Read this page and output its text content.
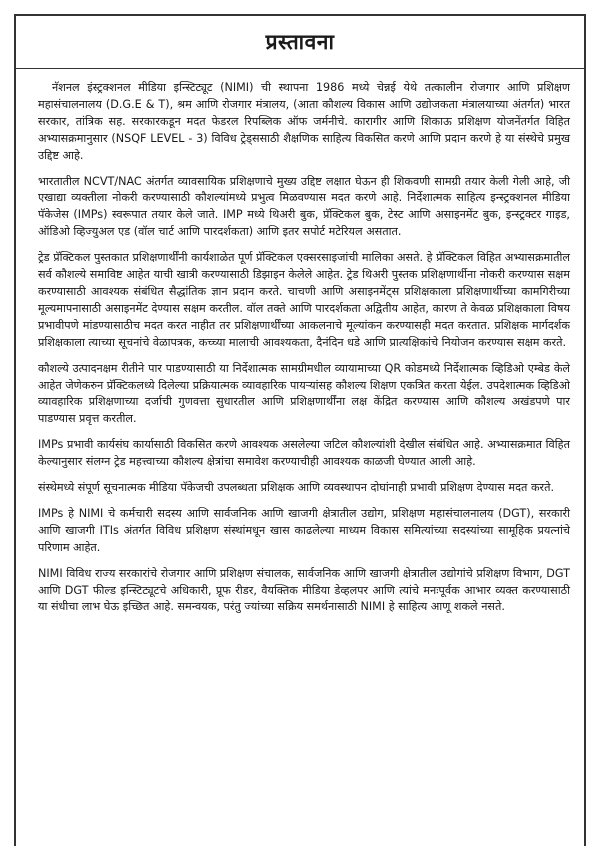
प्रस्तावना

नॅशनल इंस्ट्रक्शनल मीडिया इन्स्टिट्यूट (NIMI) ची स्थापना 1986 मध्ये चेन्नई येथे तत्कालीन रोजगार आणि प्रशिक्षण महासंचालनालय (D.G.E & T), श्रम आणि रोजगार मंत्रालय, (आता कौशल्य विकास आणि उद्योजकता मंत्रालयाच्या अंतर्गत) भारत सरकार, तांत्रिक सह. सरकारकडून मदत फेडरल रिपब्लिक ऑफ जर्मनीचे. कारागीर आणि शिकाऊ प्रशिक्षण योजनेंतर्गत विहित अभ्यासक्रमानुसार (NSQF LEVEL - 3) विविध ट्रेड्ससाठी शैक्षणिक साहित्य विकसित करणे आणि प्रदान करणे हे या संस्थेचे प्रमुख उद्दिष्ट आहे.

भारतातील NCVT/NAC अंतर्गत व्यावसायिक प्रशिक्षणाचे मुख्य उद्दिष्ट लक्षात घेऊन ही शिकवणी सामग्री तयार केली गेली आहे, जी एखाद्या व्यक्तीला नोकरी करण्यासाठी कौशल्यांमध्ये प्रभुत्व मिळवण्यास मदत करणे आहे. निर्देशात्मक साहित्य इन्स्ट्रक्शनल मीडिया पॅकेजेस (IMPs) स्वरूपात तयार केले जाते. IMP मध्ये थिअरी बुक, प्रॅक्टिकल बुक, टेस्ट आणि असाइनमेंट बुक, इन्स्ट्रक्टर गाइड, ऑडिओ व्हिज्युअल एड (वॉल चार्ट आणि पारदर्शकता) आणि इतर सपोर्ट मटेरियल असतात.

ट्रेड प्रॅक्टिकल पुस्तकात प्रशिक्षणार्थींनी कार्यशाळेत पूर्ण प्रॅक्टिकल एक्सरसाइजांची मालिका असते. हे प्रॅक्टिकल विहित अभ्यासक्रमातील सर्व कौशल्ये समाविष्ट आहेत याची खात्री करण्यासाठी डिझाइन केलेले आहेत. ट्रेड थिअरी पुस्तक प्रशिक्षणार्थीना नोकरी करण्यास सक्षम करण्यासाठी आवश्यक संबंधित सैद्धांतिक ज्ञान प्रदान करते. चाचणी आणि असाइनमेंट्स प्रशिक्षकाला प्रशिक्षणार्थीच्या कामगिरीच्या मूल्यमापनासाठी असाइनमेंट देण्यास सक्षम करतील. वॉल तक्ते आणि पारदर्शकता अद्वितीय आहेत, कारण ते केवळ प्रशिक्षकाला विषय प्रभावीपणे मांडण्यासाठीच मदत करत नाहीत तर प्रशिक्षणार्थींच्या आकलनाचे मूल्यांकन करण्यासही मदत करतात. प्रशिक्षक मार्गदर्शक प्रशिक्षकाला त्याच्या सूचनांचे वेळापत्रक, कच्च्या मालाची आवश्यकता, दैनंदिन धडे आणि प्रात्यक्षिकांचे नियोजन करण्यास सक्षम करते.

कौशल्ये उत्पादनक्षम रीतीने पार पाडण्यासाठी या निर्देशात्मक सामग्रीमधील व्यायामाच्या QR कोडमध्ये निर्देशात्मक व्हिडिओ एम्बेड केले आहेत जेणेकरुन प्रॅक्टिकलध्ये दिलेल्या प्रक्रियात्मक व्यावहारिक पायऱ्यांसह कौशल्य शिक्षण एकत्रित करता येईल. उपदेशात्मक व्हिडिओ व्यावहारिक प्रशिक्षणाच्या दर्जाची गुणवत्ता सुधारतील आणि प्रशिक्षणार्थींना लक्ष केंद्रित करण्यास आणि कौशल्य अखंडपणे पार पाडण्यास प्रवृत्त करतील.

IMPs प्रभावी कार्यसंघ कार्यासाठी विकसित करणे आवश्यक असलेल्या जटिल कौशल्यांशी देखील संबंधित आहे. अभ्यासक्रमात विहित केल्यानुसार संलग्न ट्रेड महत्त्वाच्या कौशल्य क्षेत्रांचा समावेश करण्याचीही आवश्यक काळजी घेण्यात आली आहे.

संस्थेमध्ये संपूर्ण सूचनात्मक मीडिया पॅकेजची उपलब्धता प्रशिक्षक आणि व्यवस्थापन दोघांनाही प्रभावी प्रशिक्षण देण्यास मदत करते.

IMPs हे NIMI चे कर्मचारी सदस्य आणि सार्वजनिक आणि खाजगी क्षेत्रातील उद्योग, प्रशिक्षण महासंचालनालय (DGT), सरकारी आणि खाजगी ITIs अंतर्गत विविध प्रशिक्षण संस्थांमधून खास काढलेल्या माध्यम विकास समित्यांच्या सदस्यांच्या सामूहिक प्रयत्नांचे परिणाम आहेत.

NIMI विविध राज्य सरकारांचे रोजगार आणि प्रशिक्षण संचालक, सार्वजनिक आणि खाजगी क्षेत्रातील उद्योगांचे प्रशिक्षण विभाग, DGT आणि DGT फील्ड इन्स्टिट्यूटचे अधिकारी, प्रूफ रीडर, वैयक्तिक मीडिया डेव्हलपर आणि त्यांचे मनःपूर्वक आभार व्यक्त करण्यासाठी या संधीचा लाभ घेऊ इच्छित आहे. समन्वयक, परंतु ज्यांच्या सक्रिय समर्थनासाठी NIMI हे साहित्य आणू शकले नसते.
